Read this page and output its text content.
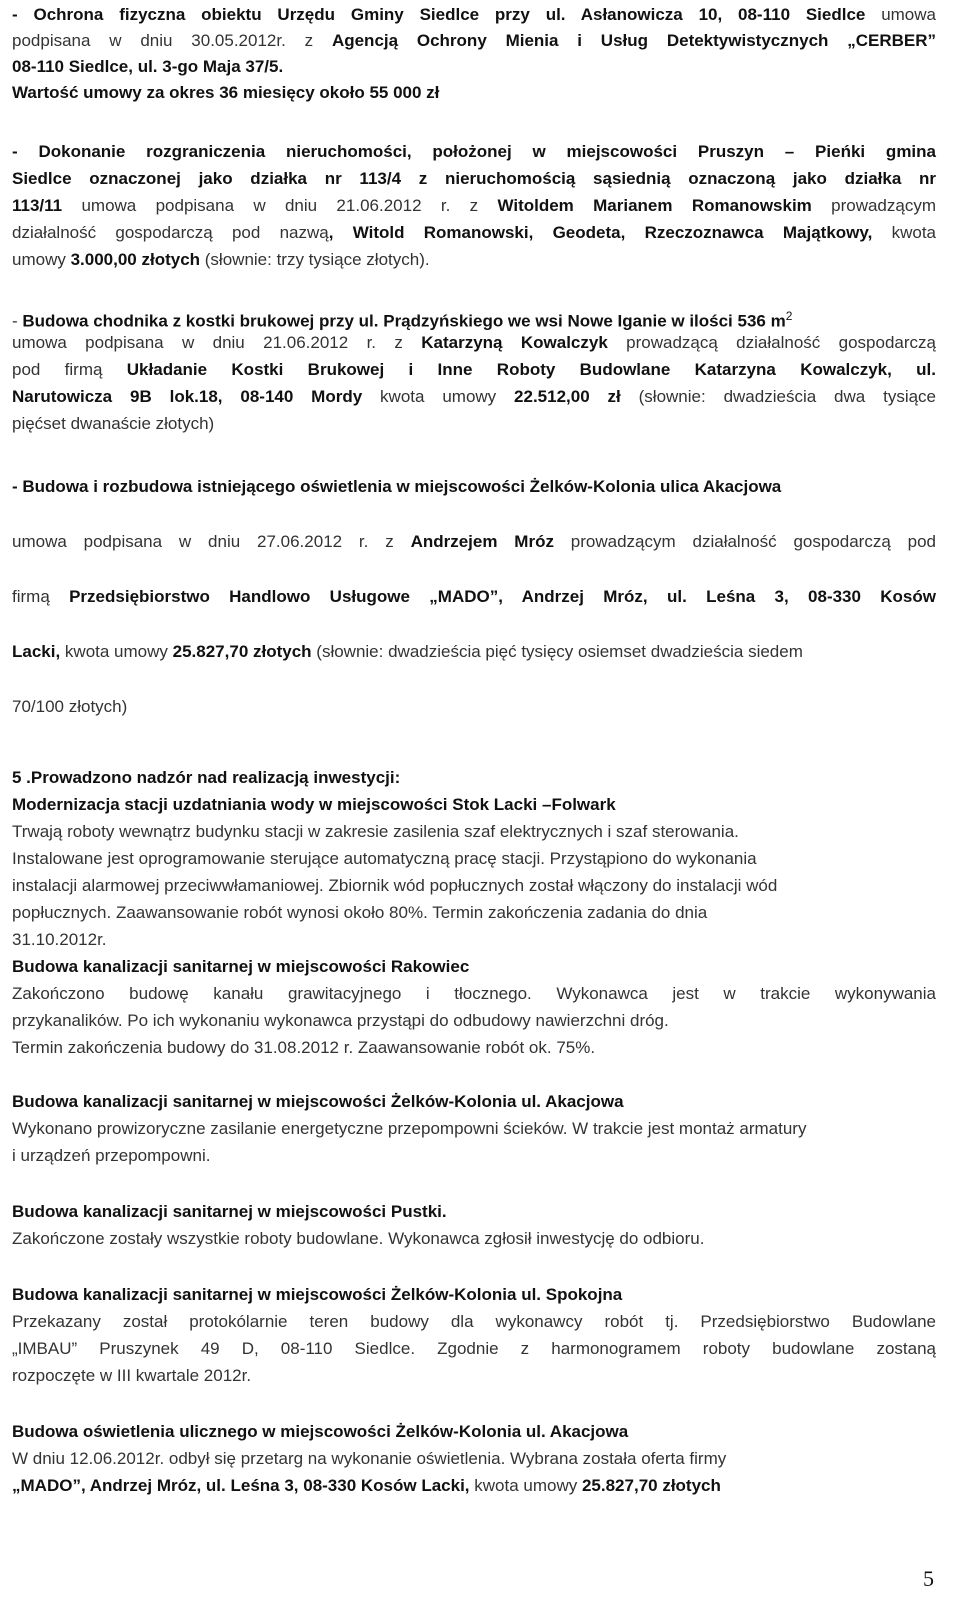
- Ochrona fizyczna obiektu Urzędu Gminy Siedlce przy ul. Asłanowicza 10, 08-110 Siedlce umowa
podpisana w dniu 30.05.2012r. z Agencją Ochrony Mienia i Usług Detektywistycznych „CERBER”
08-110 Siedlce, ul. 3-go Maja 37/5.
Wartość umowy za okres 36 miesięcy około 55 000 zł
- Dokonanie rozgraniczenia nieruchomości, położonej w miejscowości Pruszyn – Pieńki gmina
Siedlce oznaczonej jako działka nr 113/4 z nieruchomością sąsiednią oznaczoną jako działka nr
113/11 umowa podpisana w dniu 21.06.2012 r. z Witoldem Marianem Romanowskim prowadzącym
działalność gospodarczą pod nazwą, Witold Romanowski, Geodeta, Rzeczoznawca Majątkowy, kwota
umowy 3.000,00 złotych (słownie: trzy tysiące złotych).
- Budowa chodnika z kostki brukowej przy ul. Prądzyńskiego we wsi Nowe Iganie w ilości 536 $m^2$
umowa podpisana w dniu 21.06.2012 r. z Katarzyną Kowalczyk prowadzącą działalność gospodarczą
pod firmą Układanie Kostki Brukowej i Inne Roboty Budowlane Katarzyna Kowalczyk, ul.
Narutowicza 9B lok.18, 08-140 Mordy kwota umowy 22.512,00 zł (słownie: dwadzieścia dwa tysiące
pięćset dwanaście złotych)
- Budowa i rozbudowa istniejącego oświetlenia w miejscowości Żelków-Kolonia ulica Akacjowa
umowa podpisana w dniu 27.06.2012 r. z Andrzejem Mróz prowadzącym działalność gospodarczą pod
firmą Przedsiębiorstwo Handlowo Usługowe „MADO”, Andrzej Mróz, ul. Leśna 3, 08-330 Kosów
Lacki, kwota umowy 25.827,70 złotych (słownie: dwadzieścia pięć tysięcy osiemset dwadzieścia siedem
70/100 złotych)
5 .Prowadzono nadzór nad realizacją inwestycji:
Modernizacja stacji uzdatniania wody w miejscowości Stok Lacki –Folwark
Trwają roboty wewnątrz budynku stacji w zakresie zasilenia szaf elektrycznych i szaf sterowania.
Instalowane jest oprogramowanie sterujące automatyczną pracę stacji. Przystąpiono do wykonania
instalacji alarmowej przeciwwłamaniowej. Zbiornik wód popłucznych został włączony do instalacji wód
popłucznych. Zaawansowanie robót wynosi około 80%. Termin zakończenia zadania do dnia
31.10.2012r.
Budowa kanalizacji sanitarnej w miejscowości Rakowiec
Zakończono budowę kanału grawitacyjnego i tłocznego. Wykonawca jest w trakcie wykonywania
przykanalików. Po ich wykonaniu wykonawca przystąpi do odbudowy nawierzchni dróg.
Termin zakończenia budowy do 31.08.2012 r. Zaawansowanie robót ok. 75%.
Budowa kanalizacji sanitarnej w miejscowości Żelków-Kolonia ul. Akacjowa
Wykonano prowizoryczne zasilanie energetyczne przepompowni ścieków. W trakcie jest montaż armatury
i urządzeń przepompowni.
Budowa kanalizacji sanitarnej w miejscowości Pustki.
Zakończone zostały wszystkie roboty budowlane. Wykonawca zgłosił inwestycję do odbioru.
Budowa kanalizacji sanitarnej w miejscowości Żelków-Kolonia ul. Spokojna
Przekazany został protokólarnie teren budowy dla wykonawcy robót tj. Przedsiębiorstwo Budowlane
„IMBAU” Pruszynek 49 D, 08-110 Siedlce. Zgodnie z harmonogramem roboty budowlane zostaną
rozpoczęte w III kwartale 2012r.
Budowa oświetlenia ulicznego w miejscowości Żelków-Kolonia ul. Akacjowa
W dniu 12.06.2012r. odbył się przetarg na wykonanie oświetlenia. Wybrana została oferta firmy
„MADO”, Andrzej Mróz, ul. Leśna 3, 08-330 Kosów Lacki, kwota umowy 25.827,70 złotych
5
